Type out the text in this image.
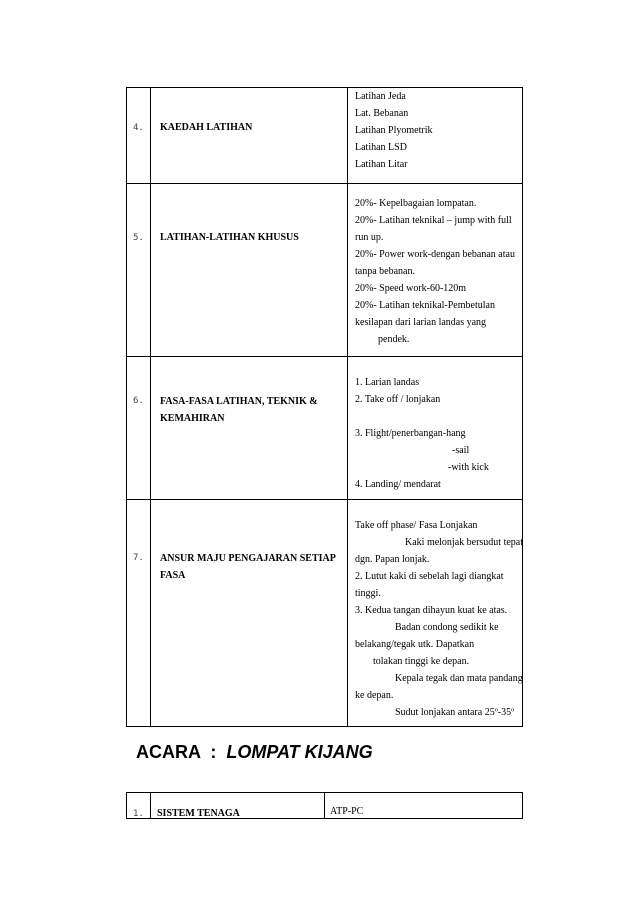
4. KAEDAH LATIHAN
Latihan Jeda
Lat. Bebanan
Latihan Plyometrik
Latihan LSD
Latihan Litar
5. LATIHAN-LATIHAN KHUSUS
20%- Kepelbagaian lompatan.
20%- Latihan teknikal – jump with full
run up.
20%- Power work-dengan bebanan atau
tanpa bebanan.
20%- Speed work-60-120m
20%- Latihan teknikal-Pembetulan
kesilapan dari larian landas yang
pendek.
6. FASA-FASA LATIHAN, TEKNIK &
KEMAHIRAN
1. Larian landas
2. Take off / lonjakan
3. Flight/penerbangan-hang
-sail
-with kick
4. Landing/ mendarat
7. ANSUR MAJU PENGAJARAN SETIAP
FASA
Take off phase/ Fasa Lonjakan
Kaki melonjak bersudut tepat
dgn. Papan lonjak.
2. Lutut kaki di sebelah lagi diangkat
tinggi.
3. Kedua tangan dihayun kuat ke atas.
Badan condong sedikit ke
belakang/tegak utk. Dapatkan
tolakan tinggi ke depan.
Kepala tegak dan mata pandang
ke depan.
Sudut lonjakan antara 25º-35º
ACARA  :  LOMPAT KIJANG
1. SISTEM TENAGA	ATP-PC
